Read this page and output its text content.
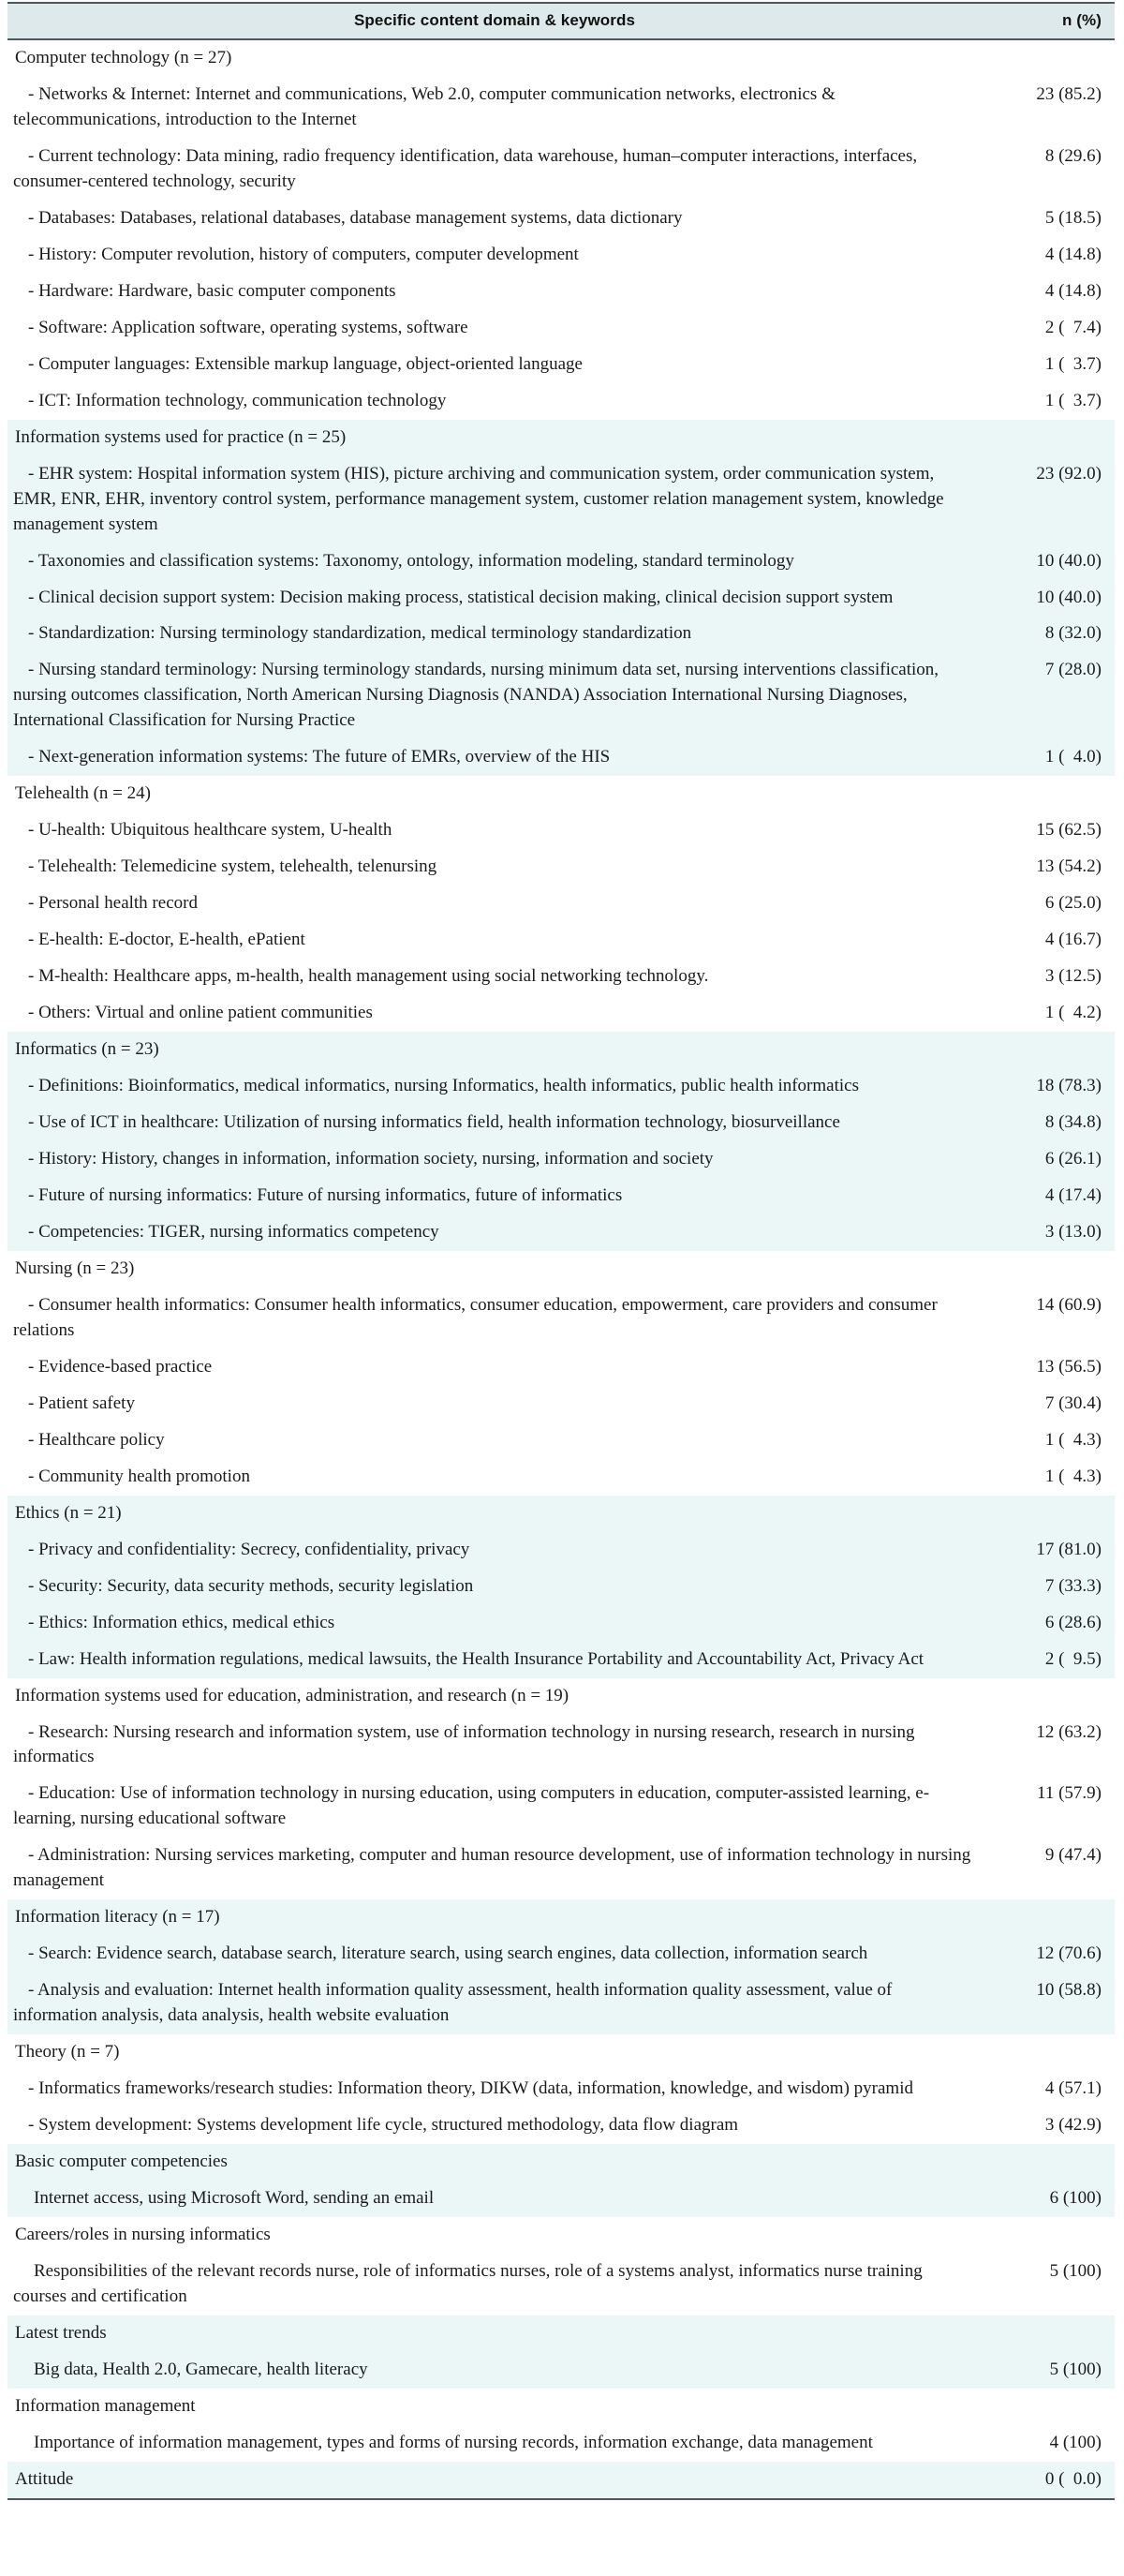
Specific content domain & keywords	n (%)
Computer technology (n = 27)	
- Networks & Internet: Internet and communications, Web 2.0, computer communication networks, electronics & telecommunications, introduction to the Internet	23 (85.2)
- Current technology: Data mining, radio frequency identification, data warehouse, human–computer interactions, interfaces, consumer-centered technology, security	8 (29.6)
- Databases: Databases, relational databases, database management systems, data dictionary	5 (18.5)
- History: Computer revolution, history of computers, computer development	4 (14.8)
- Hardware: Hardware, basic computer components	4 (14.8)
- Software: Application software, operating systems, software	2 (  7.4)
- Computer languages: Extensible markup language, object-oriented language	1 (  3.7)
- ICT: Information technology, communication technology	1 (  3.7)
Information systems used for practice (n = 25)	
- EHR system: Hospital information system (HIS), picture archiving and communication system, order communication system, EMR, ENR, EHR, inventory control system, performance management system, customer relation management system, knowledge management system	23 (92.0)
- Taxonomies and classification systems: Taxonomy, ontology, information modeling, standard terminology	10 (40.0)
- Clinical decision support system: Decision making process, statistical decision making, clinical decision support system	10 (40.0)
- Standardization: Nursing terminology standardization, medical terminology standardization	8 (32.0)
- Nursing standard terminology: Nursing terminology standards, nursing minimum data set, nursing interventions classification, nursing outcomes classification, North American Nursing Diagnosis (NANDA) Association International Nursing Diagnoses, International Classification for Nursing Practice	7 (28.0)
- Next-generation information systems: The future of EMRs, overview of the HIS	1 (  4.0)
Telehealth (n = 24)	
- U-health: Ubiquitous healthcare system, U-health	15 (62.5)
- Telehealth: Telemedicine system, telehealth, telenursing	13 (54.2)
- Personal health record	6 (25.0)
- E-health: E-doctor, E-health, ePatient	4 (16.7)
- M-health: Healthcare apps, m-health, health management using social networking technology.	3 (12.5)
- Others: Virtual and online patient communities	1 (  4.2)
Informatics (n = 23)	
- Definitions: Bioinformatics, medical informatics, nursing Informatics, health informatics, public health informatics	18 (78.3)
- Use of ICT in healthcare: Utilization of nursing informatics field, health information technology, biosurveillance	8 (34.8)
- History: History, changes in information, information society, nursing, information and society	6 (26.1)
- Future of nursing informatics: Future of nursing informatics, future of informatics	4 (17.4)
- Competencies: TIGER, nursing informatics competency	3 (13.0)
Nursing (n = 23)	
- Consumer health informatics: Consumer health informatics, consumer education, empowerment, care providers and consumer relations	14 (60.9)
- Evidence-based practice	13 (56.5)
- Patient safety	7 (30.4)
- Healthcare policy	1 (  4.3)
- Community health promotion	1 (  4.3)
Ethics (n = 21)	
- Privacy and confidentiality: Secrecy, confidentiality, privacy	17 (81.0)
- Security: Security, data security methods, security legislation	7 (33.3)
- Ethics: Information ethics, medical ethics	6 (28.6)
- Law: Health information regulations, medical lawsuits, the Health Insurance Portability and Accountability Act, Privacy Act	2 (  9.5)
Information systems used for education, administration, and research (n = 19)	
- Research: Nursing research and information system, use of information technology in nursing research, research in nursing informatics	12 (63.2)
- Education: Use of information technology in nursing education, using computers in education, computer-assisted learning, e-learning, nursing educational software	11 (57.9)
- Administration: Nursing services marketing, computer and human resource development, use of information technology in nursing management	9 (47.4)
Information literacy (n = 17)	
- Search: Evidence search, database search, literature search, using search engines, data collection, information search	12 (70.6)
- Analysis and evaluation: Internet health information quality assessment, health information quality assessment, value of information analysis, data analysis, health website evaluation	10 (58.8)
Theory (n = 7)	
- Informatics frameworks/research studies: Information theory, DIKW (data, information, knowledge, and wisdom) pyramid	4 (57.1)
- System development: Systems development life cycle, structured methodology, data flow diagram	3 (42.9)
Basic computer competencies	
Internet access, using Microsoft Word, sending an email	6 (100)
Careers/roles in nursing informatics	
Responsibilities of the relevant records nurse, role of informatics nurses, role of a systems analyst, informatics nurse training courses and certification	5 (100)
Latest trends	
Big data, Health 2.0, Gamecare, health literacy	5 (100)
Information management	
Importance of information management, types and forms of nursing records, information exchange, data management	4 (100)
Attitude	0 (  0.0)
